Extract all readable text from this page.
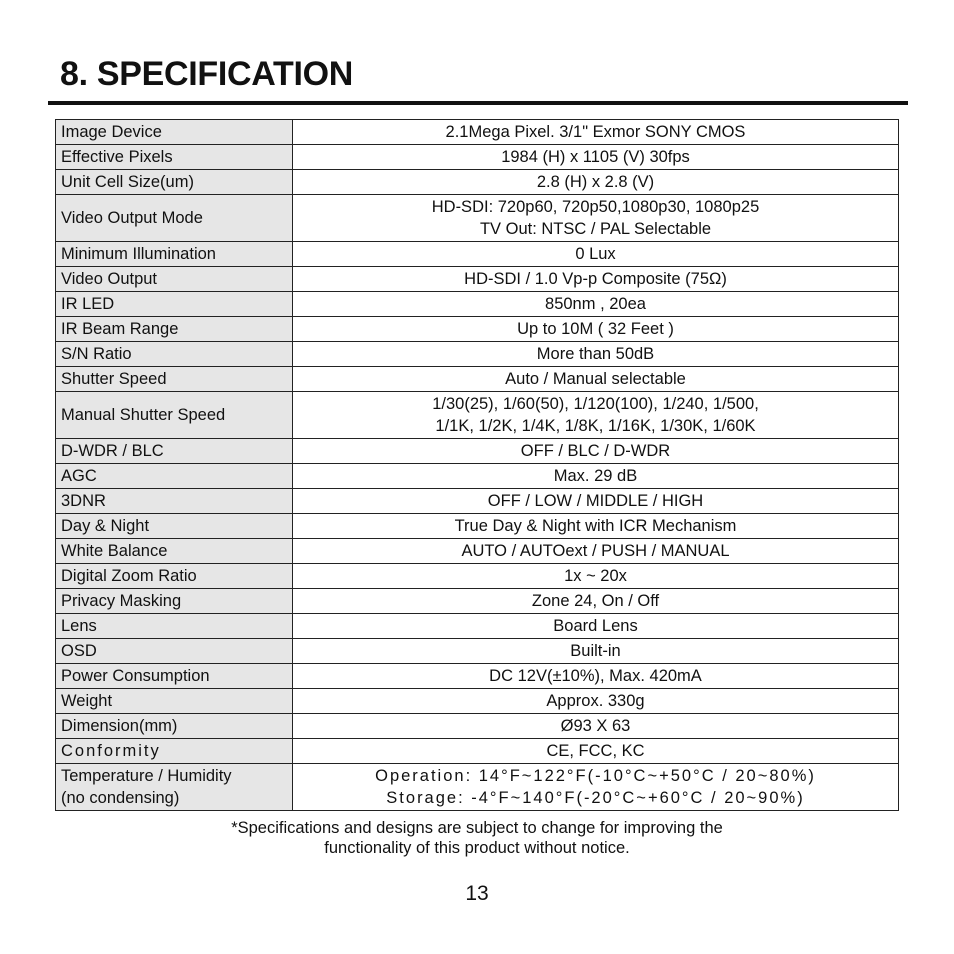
8. SPECIFICATION
Image Device	2.1Mega Pixel. 3/1" Exmor SONY CMOS
Effective Pixels	1984 (H) x 1105 (V) 30fps
Unit Cell Size(um)	2.8 (H) x 2.8 (V)
Video Output Mode	HD-SDI: 720p60, 720p50,1080p30, 1080p25
TV Out: NTSC / PAL Selectable

Minimum Illumination	0 Lux
Video Output	HD-SDI / 1.0 Vp-p Composite (75Ω)
IR LED	850nm , 20ea
IR Beam Range	Up to 10M ( 32 Feet )
S/N Ratio	More than 50dB
Shutter Speed	Auto / Manual selectable
Manual Shutter Speed	1/30(25), 1/60(50), 1/120(100), 1/240, 1/500,
1/1K, 1/2K, 1/4K, 1/8K, 1/16K, 1/30K, 1/60K

D-WDR / BLC	OFF / BLC / D-WDR
AGC	Max. 29 dB
3DNR	OFF / LOW / MIDDLE / HIGH
Day & Night	True Day & Night with ICR Mechanism
White Balance	AUTO / AUTOext / PUSH / MANUAL
Digital Zoom Ratio	1x ~ 20x
Privacy Masking	Zone 24, On / Off
Lens	Board Lens
OSD	Built-in
Power Consumption	DC 12V(±10%), Max. 420mA
Weight	Approx. 330g
Dimension(mm)	Ø93 X 63
Conformity	CE, FCC, KC

Temperature / Humidity
(no condensing)	Operation: 14°F~122°F(-10°C~+50°C / 20~80%)
Storage: -4°F~140°F(-20°C~+60°C / 20~90%)
*Specifications and designs are subject to change for improving the
functionality of this product without notice.
13
